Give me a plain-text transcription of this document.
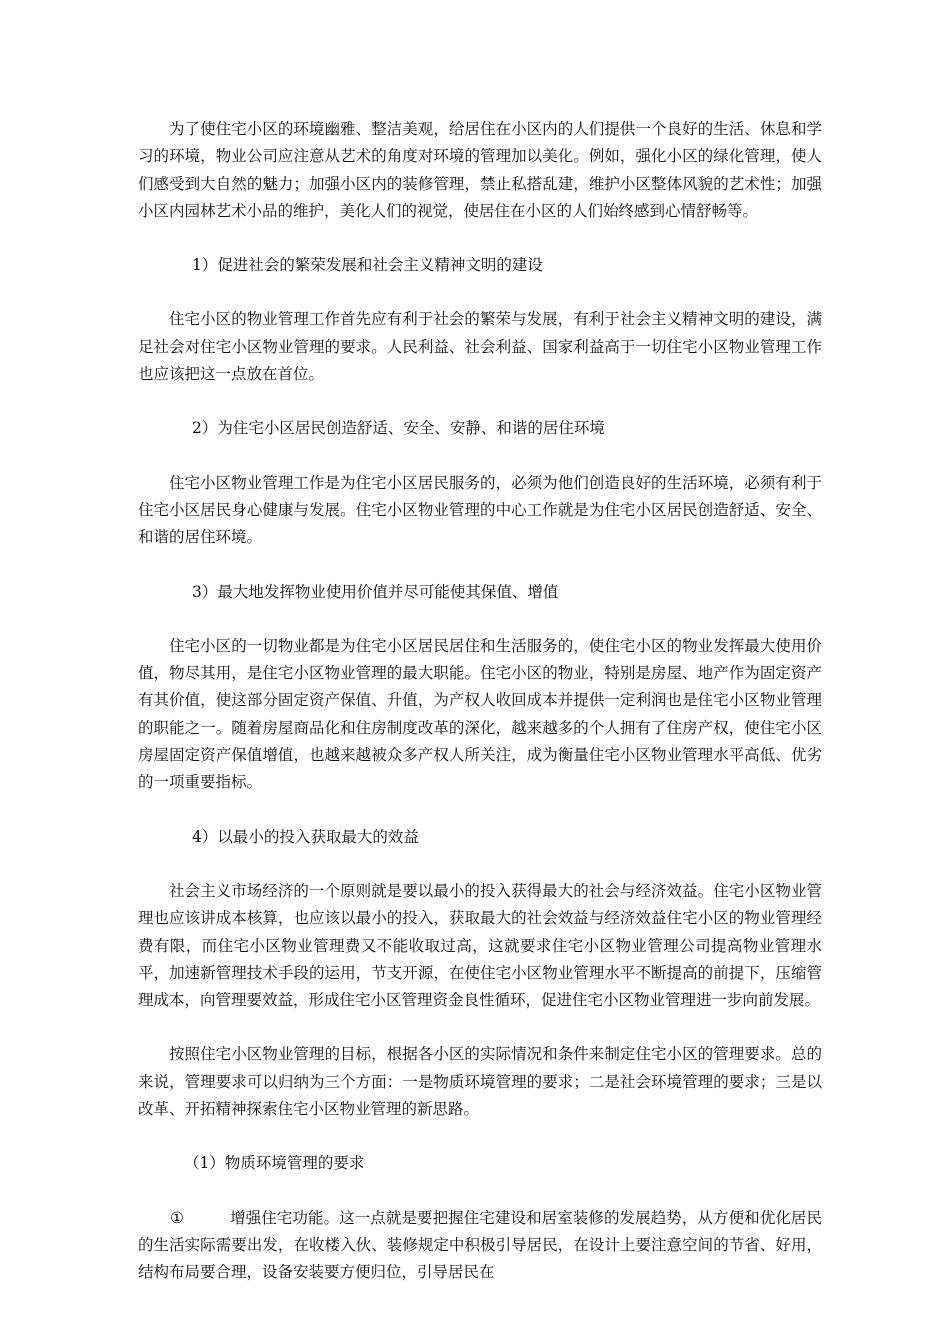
为了使住宅小区的环境幽雅、整洁美观，给居住在小区内的人们提供一个良好的生活、休息和学习的环境，物业公司应注意从艺术的角度对环境的管理加以美化。例如，强化小区的绿化管理，使人们感受到大自然的魅力；加强小区内的装修管理，禁止私搭乱建，维护小区整体风貌的艺术性；加强小区内园林艺术小品的维护，美化人们的视觉，使居住在小区的人们始终感到心情舒畅等。

1）促进社会的繁荣发展和社会主义精神文明的建设

住宅小区的物业管理工作首先应有利于社会的繁荣与发展，有利于社会主义精神文明的建设，满足社会对住宅小区物业管理的要求。人民利益、社会利益、国家利益高于一切住宅小区物业管理工作也应该把这一点放在首位。

2）为住宅小区居民创造舒适、安全、安静、和谐的居住环境

住宅小区物业管理工作是为住宅小区居民服务的，必须为他们创造良好的生活环境，必须有利于住宅小区居民身心健康与发展。住宅小区物业管理的中心工作就是为住宅小区居民创造舒适、安全、和谐的居住环境。

3）最大地发挥物业使用价值并尽可能使其保值、增值

住宅小区的一切物业都是为住宅小区居民居住和生活服务的，使住宅小区的物业发挥最大使用价值，物尽其用，是住宅小区物业管理的最大职能。住宅小区的物业，特别是房屋、地产作为固定资产有其价值，使这部分固定资产保值、升值，为产权人收回成本并提供一定利润也是住宅小区物业管理的职能之一。随着房屋商品化和住房制度改革的深化，越来越多的个人拥有了住房产权，使住宅小区房屋固定资产保值增值，也越来越被众多产权人所关注，成为衡量住宅小区物业管理水平高低、优劣的一项重要指标。

4）以最小的投入获取最大的效益

社会主义市场经济的一个原则就是要以最小的投入获得最大的社会与经济效益。住宅小区物业管理也应该讲成本核算，也应该以最小的投入，获取最大的社会效益与经济效益住宅小区的物业管理经费有限，而住宅小区物业管理费又不能收取过高，这就要求住宅小区物业管理公司提高物业管理水平，加速新管理技术手段的运用，节支开源，在使住宅小区物业管理水平不断提高的前提下，压缩管理成本，向管理要效益，形成住宅小区管理资金良性循环，促进住宅小区物业管理进一步向前发展。

按照住宅小区物业管理的目标，根据各小区的实际情况和条件来制定住宅小区的管理要求。总的来说，管理要求可以归纳为三个方面：一是物质环境管理的要求；二是社会环境管理的要求；三是以改革、开拓精神探索住宅小区物业管理的新思路。

（1）物质环境管理的要求

①	增强住宅功能。这一点就是要把握住宅建设和居室装修的发展趋势，从方便和优化居民的生活实际需要出发，在收楼入伙、装修规定中积极引导居民，在设计上要注意空间的节省、好用，结构布局要合理，设备安装要方便归位，引导居民在
